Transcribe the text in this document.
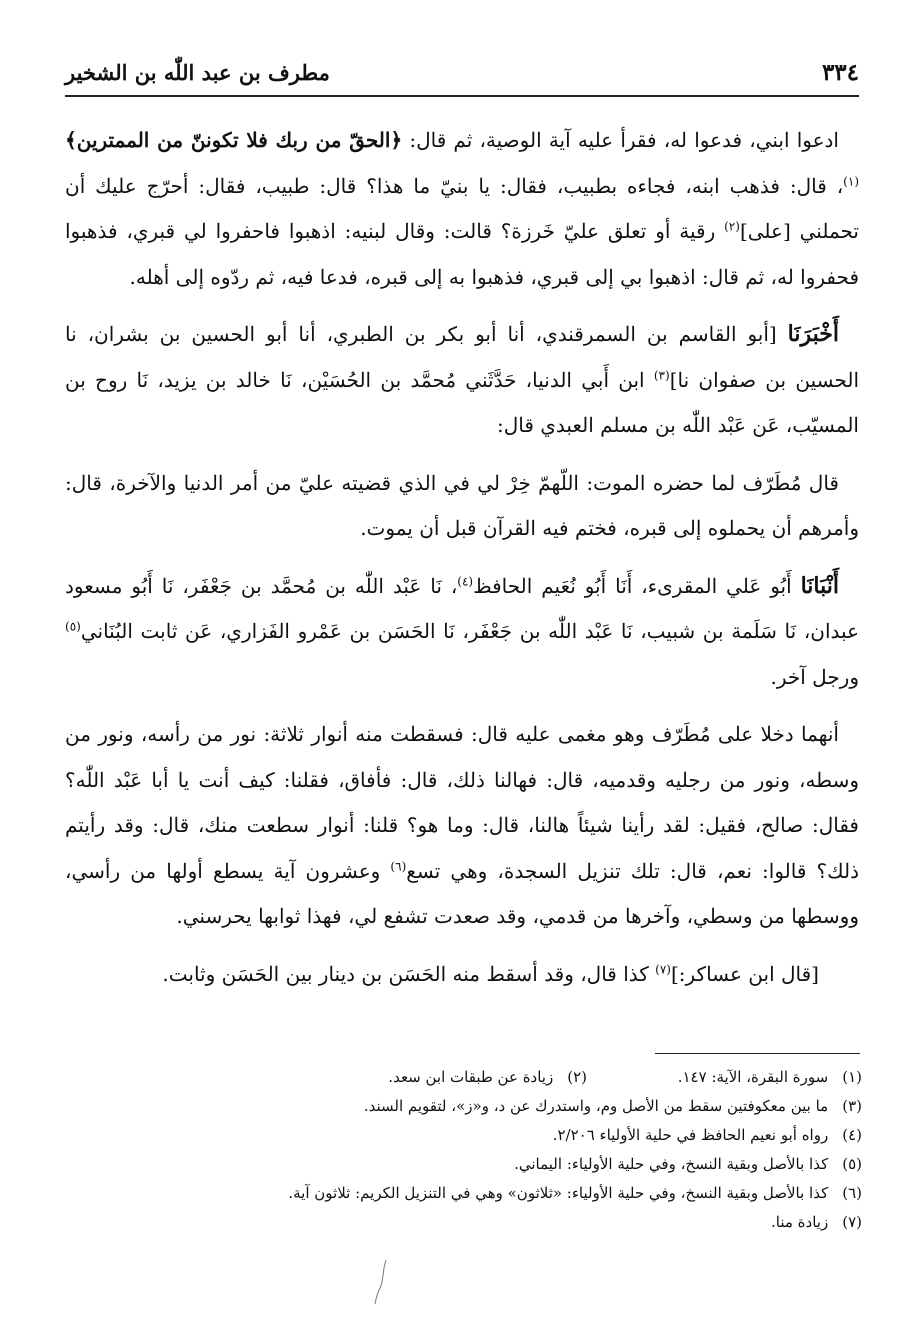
مطرف بن عبد اللّٰه بن الشخير	٣٣٤

ادعوا ابني، فدعوا له، فقرأ عليه آية الوصية، ثم قال: ﴿الحقّ من ربك فلا تكوننّ من الممترين﴾$^{(١)}$، قال: فذهب ابنه، فجاءه بطبيب، فقال: يا بنيّ ما هذا؟ قال: طبيب، فقال: أحرّج عليك أن تحملني [على]$^{(٢)}$ رقية أو تعلق عليّ خَرزة؟ قالت: وقال لبنيه: اذهبوا فاحفروا لي قبري، فذهبوا فحفروا له، ثم قال: اذهبوا بي إلى قبري، فذهبوا به إلى قبره، فدعا فيه، ثم ردّوه إلى أهله.

أَخْبَرَنَا [أبو القاسم بن السمرقندي، أنا أبو بكر بن الطبري، أنا أبو الحسين بن بشران، نا الحسين بن صفوان نا]$^{(٣)}$ ابن أَبي الدنيا، حَدَّثَني مُحمَّد بن الحُسَيْن، نَا خالد بن يزيد، نَا روح بن المسيّب، عَن عَبْد اللّٰه بن مسلم العبدي قال:

قال مُطَرّف لما حضره الموت: اللّهمّ خِرْ لي في الذي قضيته عليّ من أمر الدنيا والآخرة، قال: وأمرهم أن يحملوه إلى قبره، فختم فيه القرآن قبل أن يموت.

أَنْبَانَا أَبُو عَلي المقرىء، أَنَا أَبُو نُعَيم الحافظ$^{(٤)}$، نَا عَبْد اللّٰه بن مُحمَّد بن جَعْفَر، نَا أَبُو مسعود عبدان، نَا سَلَمة بن شبيب، نَا عَبْد اللّٰه بن جَعْفَر، نَا الحَسَن بن عَمْرو الفَزاري، عَن ثابت البُنَاني$^{(٥)}$ ورجل آخر.

أنهما دخلا على مُطَرّف وهو مغمى عليه قال: فسقطت منه أنوار ثلاثة: نور من رأسه، ونور من وسطه، ونور من رجليه وقدميه، قال: فهالنا ذلك، قال: فأفاق، فقلنا: كيف أنت يا أبا عَبْد اللّٰه؟ فقال: صالح، فقيل: لقد رأينا شيئاً هالنا، قال: وما هو؟ قلنا: أنوار سطعت منك، قال: وقد رأيتم ذلك؟ قالوا: نعم، قال: تلك تنزيل السجدة، وهي تسع$^{(٦)}$ وعشرون آية يسطع أولها من رأسي، ووسطها من وسطي، وآخرها من قدمي، وقد صعدت تشفع لي، فهذا ثوابها يحرسني.

[قال ابن عساكر:]$^{(٧)}$ كذا قال، وقد أسقط منه الحَسَن بن دينار بين الحَسَن وثابت.

(١)
سورة البقرة، الآية: ١٤٧.
(٢)
زيادة عن طبقات ابن سعد.
(٣)
ما بين معكوفتين سقط من الأصل وم، واستدرك عن د، و«ز»، لتقويم السند.
(٤)
رواه أبو نعيم الحافظ في حلية الأولياء ٢/٢٠٦.
(٥)
كذا بالأصل وبقية النسخ، وفي حلية الأولياء: اليماني.
(٦)
كذا بالأصل وبقية النسخ، وفي حلية الأولياء: «ثلاثون» وهي في التنزيل الكريم: ثلاثون آية.
(٧)
زيادة منا.
